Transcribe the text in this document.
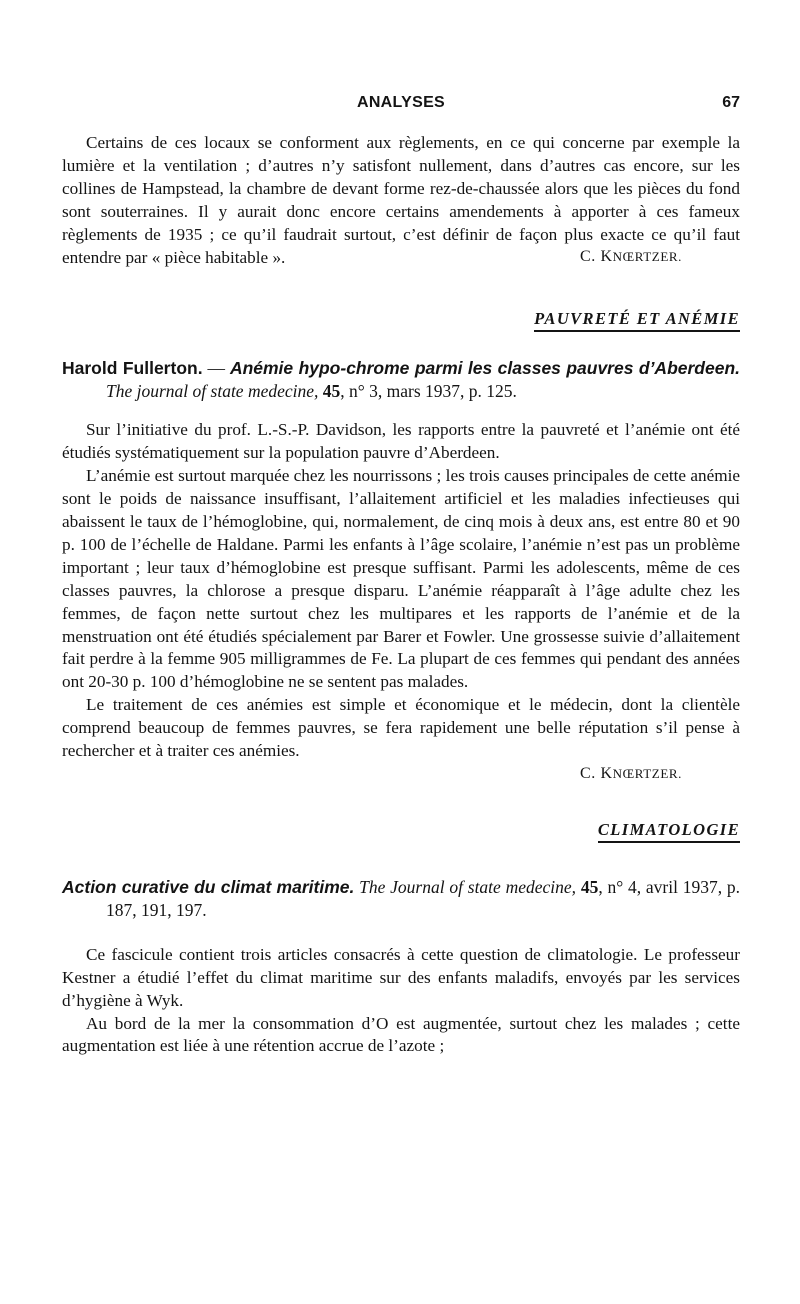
ANALYSES	67

Certains de ces locaux se conforment aux règlements, en ce qui concerne par exemple la lumière et la ventilation ; d’autres n’y satisfont nullement, dans d’autres cas encore, sur les collines de Hampstead, la chambre de devant forme rez-de-chaussée alors que les pièces du fond sont souterraines. Il y aurait donc encore certains amendements à apporter à ces fameux règlements de 1935 ; ce qu’il faudrait surtout, c’est définir de façon plus exacte ce qu’il faut entendre par « pièce habitable ».	C. KNŒRTZER.

PAUVRETÉ ET ANÉMIE

Harold Fullerton. — Anémie hypo-chrome parmi les classes pauvres d’Aberdeen. The journal of state medecine, 45, n° 3, mars 1937, p. 125.

Sur l’initiative du prof. L.-S.-P. Davidson, les rapports entre la pauvreté et l’anémie ont été étudiés systématiquement sur la population pauvre d’Aberdeen.

L’anémie est surtout marquée chez les nourrissons ; les trois causes principales de cette anémie sont le poids de naissance insuffisant, l’allaitement artificiel et les maladies infectieuses qui abaissent le taux de l’hémoglobine, qui, normalement, de cinq mois à deux ans, est entre 80 et 90 p. 100 de l’échelle de Haldane. Parmi les enfants à l’âge scolaire, l’anémie n’est pas un problème important ; leur taux d’hémoglobine est presque suffisant. Parmi les adolescents, même de ces classes pauvres, la chlorose a presque disparu. L’anémie réapparaît à l’âge adulte chez les femmes, de façon nette surtout chez les multipares et les rapports de l’anémie et de la menstruation ont été étudiés spécialement par Barer et Fowler. Une grossesse suivie d’allaitement fait perdre à la femme 905 milligrammes de Fe. La plupart de ces femmes qui pendant des années ont 20-30 p. 100 d’hémoglobine ne se sentent pas malades.

Le traitement de ces anémies est simple et économique et le médecin, dont la clientèle comprend beaucoup de femmes pauvres, se fera rapidement une belle réputation s’il pense à rechercher et à traiter ces anémies.

C. KNŒRTZER.

CLIMATOLOGIE

Action curative du climat maritime. The Journal of state medecine, 45, n° 4, avril 1937, p. 187, 191, 197.

Ce fascicule contient trois articles consacrés à cette question de climatologie. Le professeur Kestner a étudié l’effet du climat maritime sur des enfants maladifs, envoyés par les services d’hygiène à Wyk.

Au bord de la mer la consommation d’O est augmentée, surtout chez les malades ; cette augmentation est liée à une rétention accrue de l’azote ;
